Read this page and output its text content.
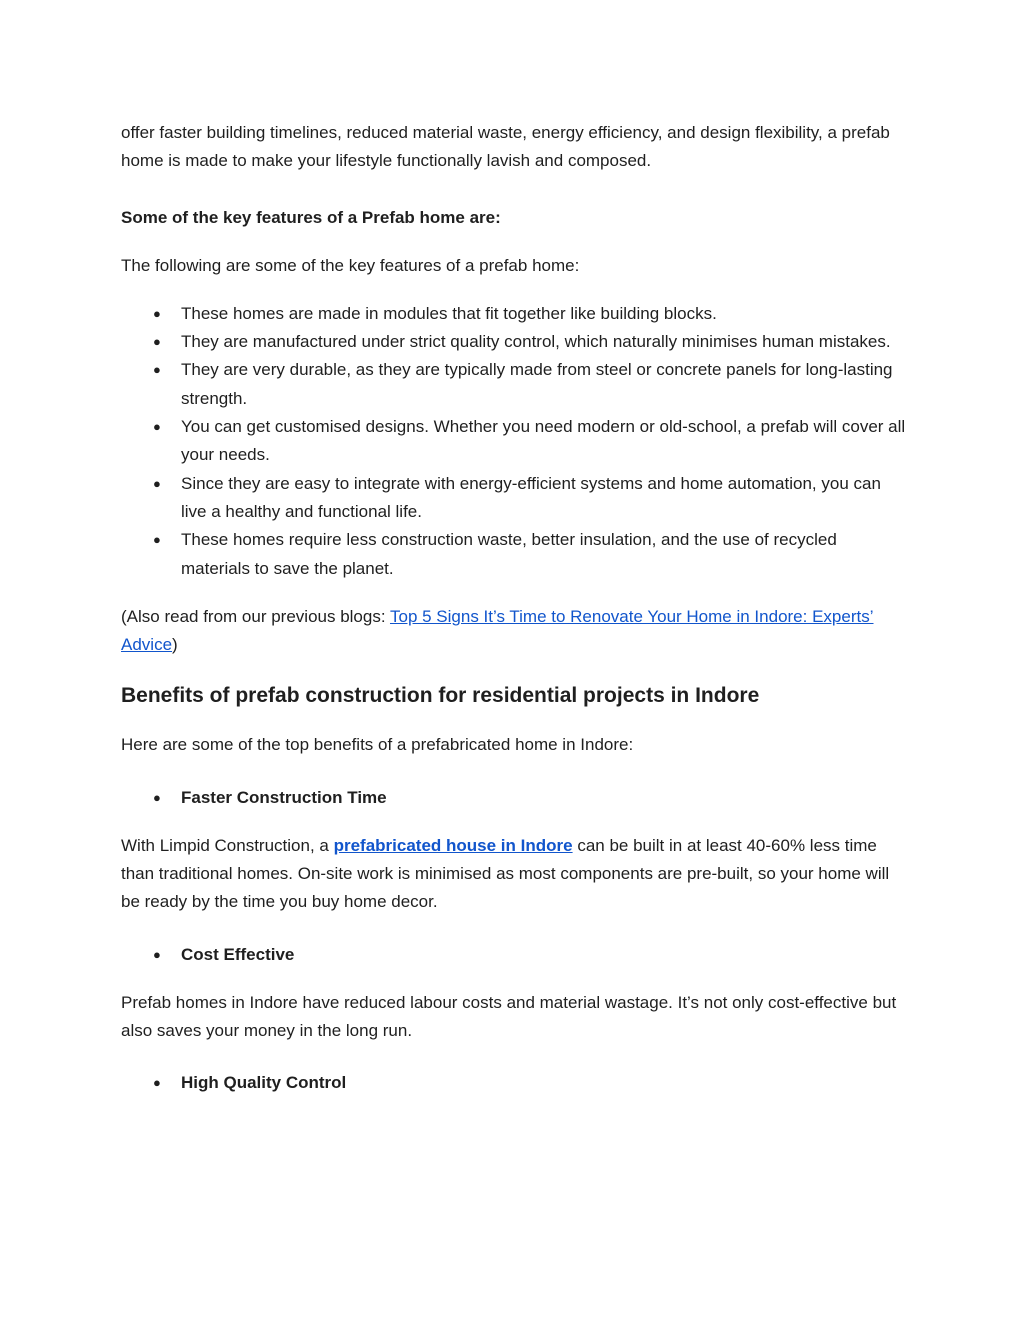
offer faster building timelines, reduced material waste, energy efficiency, and design flexibility, a prefab home is made to make your lifestyle functionally lavish and composed.

Some of the key features of a Prefab home are:

The following are some of the key features of a prefab home:

● These homes are made in modules that fit together like building blocks.
● They are manufactured under strict quality control, which naturally minimises human mistakes.
● They are very durable, as they are typically made from steel or concrete panels for long-lasting strength.
● You can get customised designs. Whether you need modern or old-school, a prefab will cover all your needs.
● Since they are easy to integrate with energy-efficient systems and home automation, you can live a healthy and functional life.
● These homes require less construction waste, better insulation, and the use of recycled materials to save the planet.

(Also read from our previous blogs: Top 5 Signs It’s Time to Renovate Your Home in Indore: Experts’ Advice)

Benefits of prefab construction for residential projects in Indore

Here are some of the top benefits of a prefabricated home in Indore:

● Faster Construction Time

With Limpid Construction, a prefabricated house in Indore can be built in at least 40-60% less time than traditional homes. On-site work is minimised as most components are pre-built, so your home will be ready by the time you buy home decor.

● Cost Effective

Prefab homes in Indore have reduced labour costs and material wastage. It’s not only cost-effective but also saves your money in the long run.

● High Quality Control
